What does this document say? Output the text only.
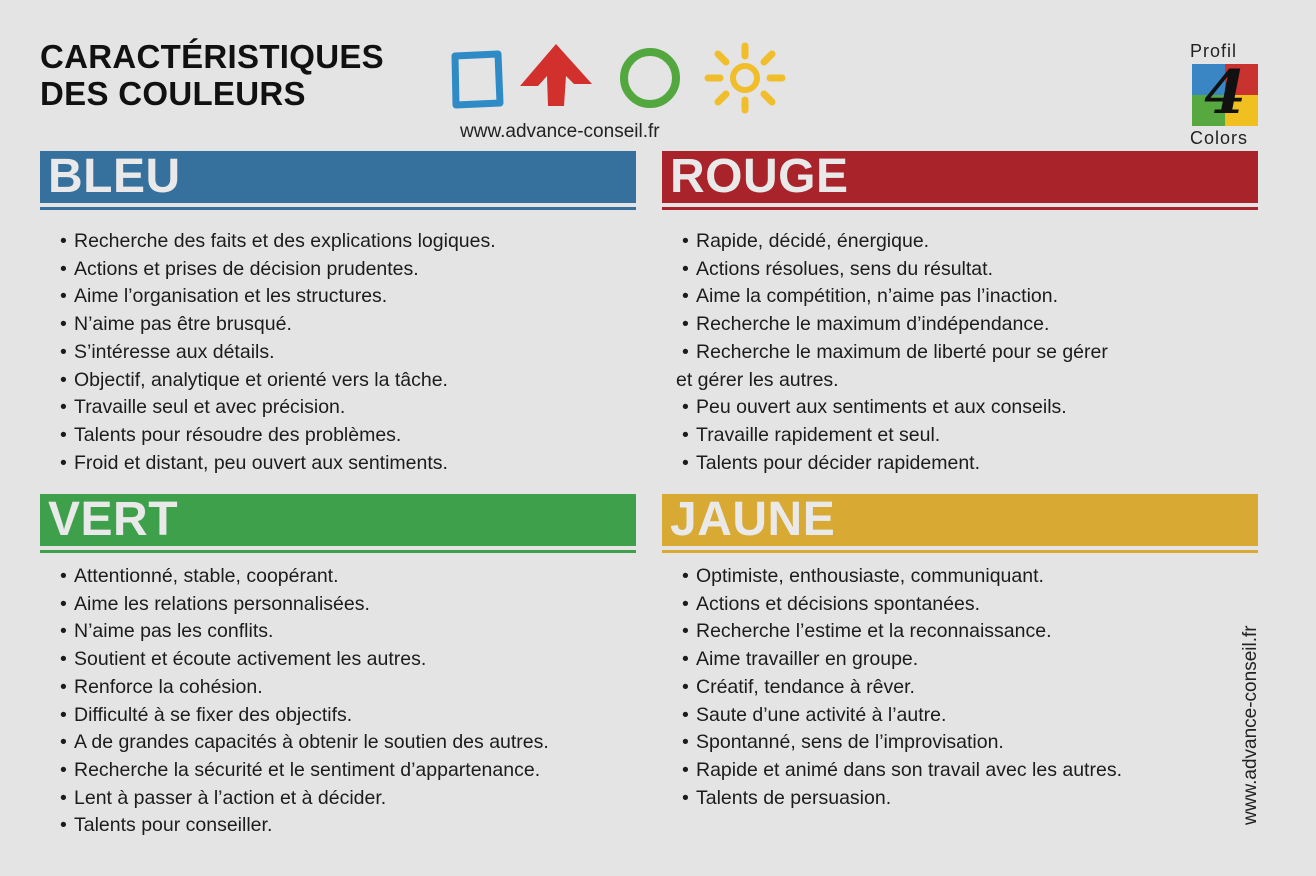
CARACTÉRISTIQUES
DES COULEURS
www.advance-conseil.fr
Profil
4
Colors
BLEU
• Recherche des faits et des explications logiques.
• Actions et prises de décision prudentes.
• Aime l’organisation et les structures.
• N’aime pas être brusqué.
• S’intéresse aux détails.
• Objectif, analytique et orienté vers la tâche.
• Travaille seul et avec précision.
• Talents pour résoudre des problèmes.
• Froid et distant, peu ouvert aux sentiments.
ROUGE
• Rapide, décidé, énergique.
• Actions résolues, sens du résultat.
• Aime la compétition, n’aime pas l’inaction.
• Recherche le maximum d’indépendance.
• Recherche le maximum de liberté pour se gérer
et gérer les autres.
• Peu ouvert aux sentiments et aux conseils.
• Travaille rapidement et seul.
• Talents pour décider rapidement.
VERT
• Attentionné, stable, coopérant.
• Aime les relations personnalisées.
• N’aime pas les conflits.
• Soutient et écoute activement les autres.
• Renforce la cohésion.
• Difficulté à se fixer des objectifs.
• A de grandes capacités à obtenir le soutien des autres.
• Recherche la sécurité et le sentiment d’appartenance.
• Lent à passer à l’action et à décider.
• Talents pour conseiller.
JAUNE
• Optimiste, enthousiaste, communiquant.
• Actions et décisions spontanées.
• Recherche l’estime et la reconnaissance.
• Aime travailler en groupe.
• Créatif, tendance à rêver.
• Saute d’une activité à l’autre.
• Spontanné, sens de l’improvisation.
• Rapide et animé dans son travail avec les autres.
• Talents de persuasion.	www.advance-conseil.fr
